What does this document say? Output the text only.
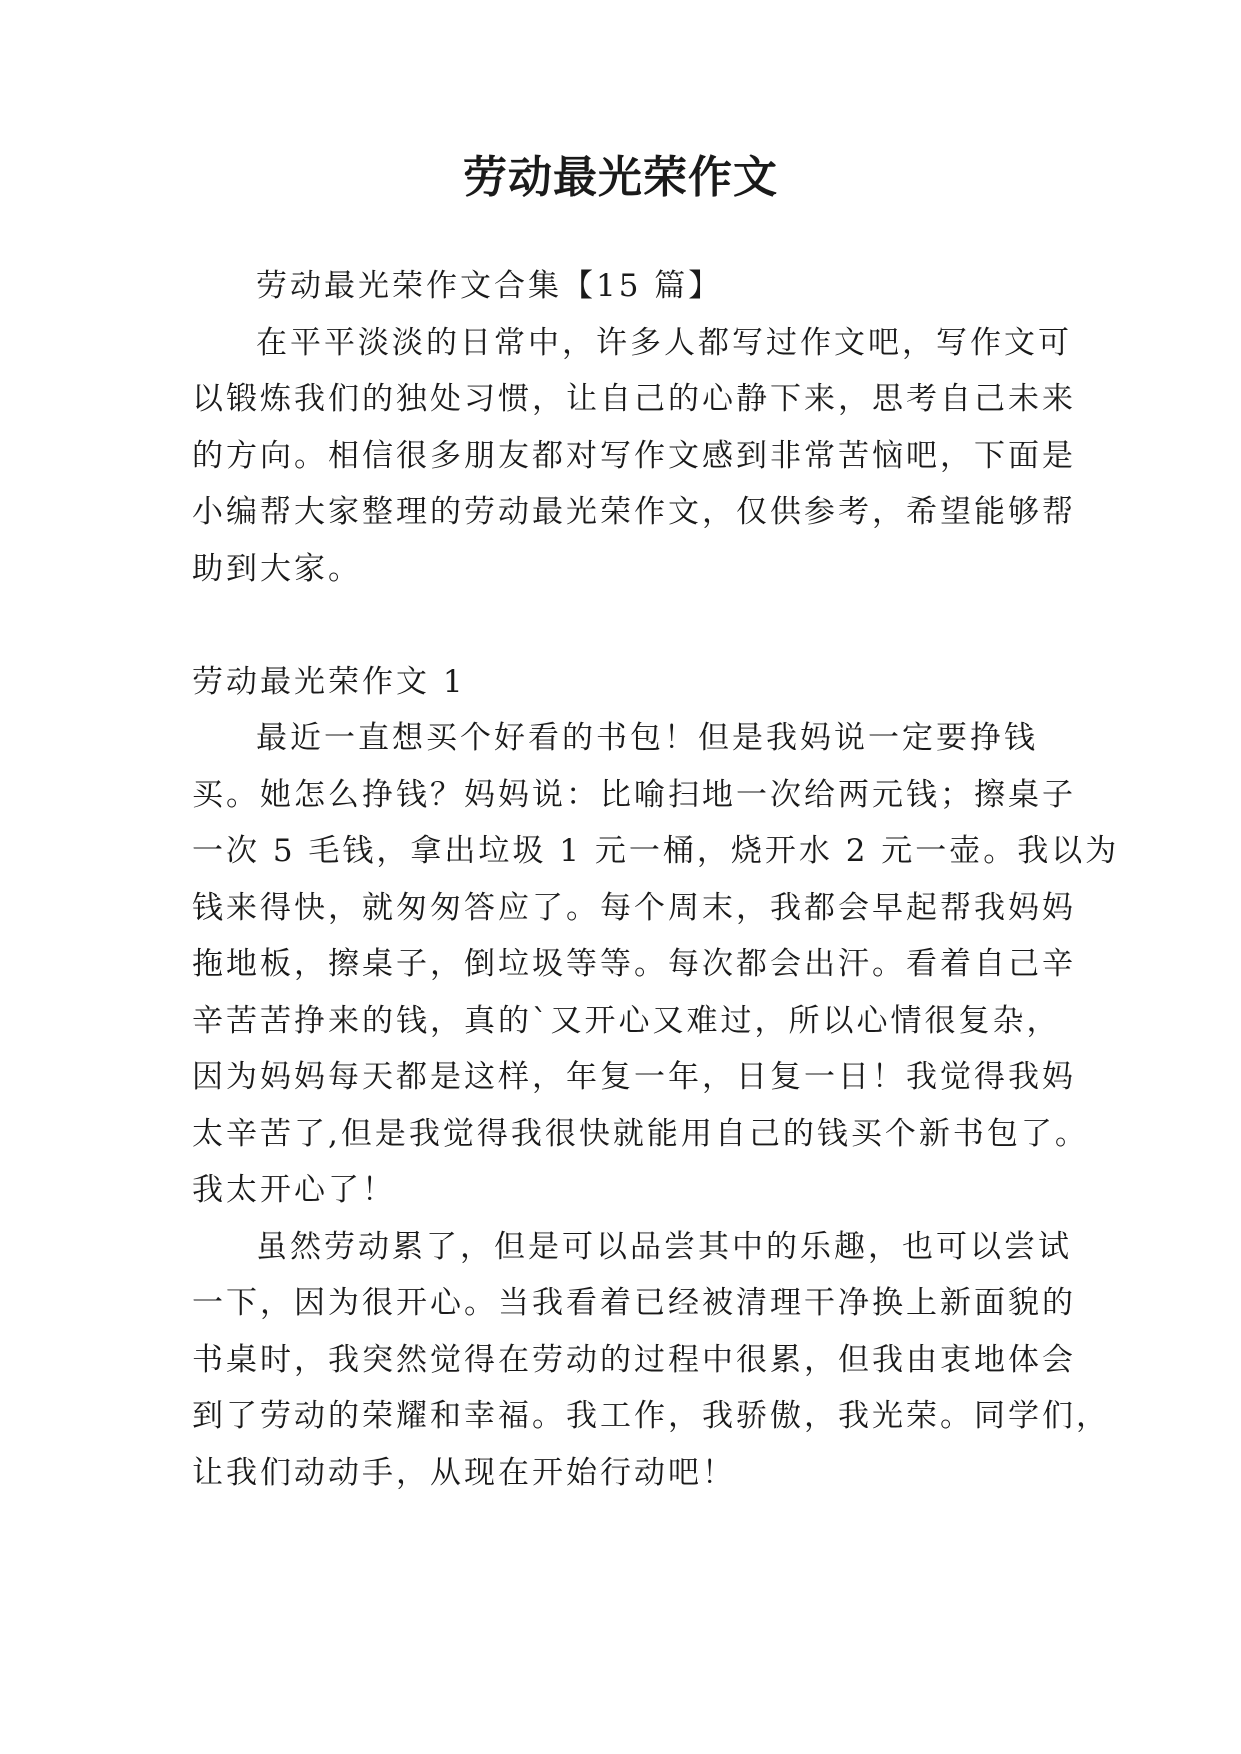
劳动最光荣作文

劳动最光荣作文合集【15 篇】

在平平淡淡的日常中，许多人都写过作文吧，写作文可

以锻炼我们的独处习惯，让自己的心静下来，思考自己未来

的方向。相信很多朋友都对写作文感到非常苦恼吧，下面是

小编帮大家整理的劳动最光荣作文，仅供参考，希望能够帮

助到大家。

劳动最光荣作文 1

最近一直想买个好看的书包！但是我妈说一定要挣钱

买。她怎么挣钱？妈妈说：比喻扫地一次给两元钱；擦桌子

一次 5 毛钱，拿出垃圾 1 元一桶，烧开水 2 元一壶。我以为

钱来得快，就匆匆答应了。每个周末，我都会早起帮我妈妈

拖地板，擦桌子，倒垃圾等等。每次都会出汗。看着自己辛

辛苦苦挣来的钱，真的`又开心又难过，所以心情很复杂，

因为妈妈每天都是这样，年复一年，日复一日！我觉得我妈

太辛苦了,但是我觉得我很快就能用自己的钱买个新书包了。

我太开心了！

虽然劳动累了，但是可以品尝其中的乐趣，也可以尝试

一下，因为很开心。当我看着已经被清理干净换上新面貌的

书桌时，我突然觉得在劳动的过程中很累，但我由衷地体会

到了劳动的荣耀和幸福。我工作，我骄傲，我光荣。同学们，

让我们动动手，从现在开始行动吧！
